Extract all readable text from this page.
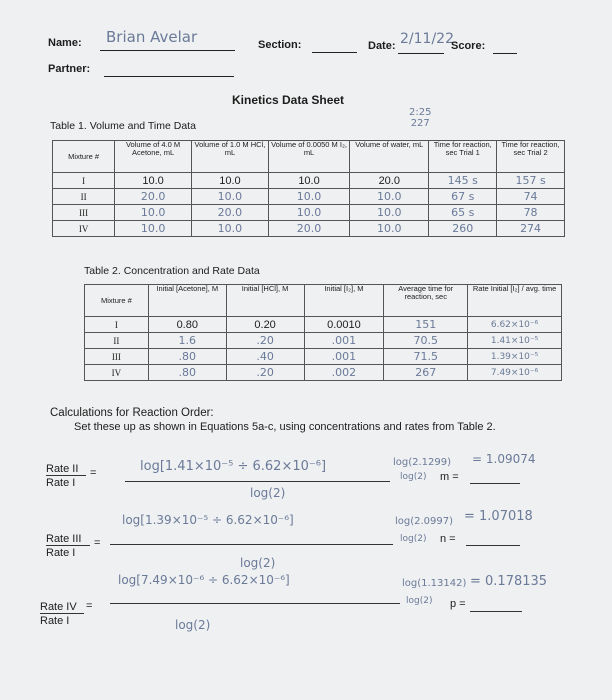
Name: Brian Avelar	Section:	Date: 2/11/22
Score:
Partner:
Kinetics Data Sheet
2:25
227
Table 1. Volume and Time Data
Mixture #	Volume of 4.0 M Acetone, mL	Volume of 1.0 M HCl, mL	Volume of 0.0050 M I₂, mL	Volume of water, mL	Time for reaction, sec Trial 1	Time for reaction, sec Trial 2
I	10.0	10.0	10.0	20.0	145 s	157 s
II	20.0	10.0	10.0	10.0	67 s	74
III	10.0	20.0	10.0	10.0	65 s	78
IV	10.0	10.0	20.0	10.0	260	274
Table 2. Concentration and Rate Data
Mixture #	Initial [Acetone], M	Initial [HCl], M	Initial [I₂], M	Average time for reaction, sec	Rate Initial [I₂] / avg. time
I	0.80	0.20	0.0010	151	6.62×10⁻⁶
II	1.6	.20	.001	70.5	1.41×10⁻⁵
III	.80	.40	.001	71.5	1.39×10⁻⁵
IV	.80	.20	.002	267	7.49×10⁻⁶
Calculations for Reaction Order:
Set these up as shown in Equations 5a-c, using concentrations and rates from Table 2.
Rate II
Rate I
=	log[1.41×10⁻⁵ ÷ 6.62×10⁻⁶]
log(2)
log(2.1299)
log(2) m =
= 1.09074
Rate III
Rate I
=
log[1.39×10⁻⁵ ÷ 6.62×10⁻⁶]
log(2)
log(2.0997)
log(2) n =
= 1.07018
Rate IV
Rate I
=
log[7.49×10⁻⁶ ÷ 6.62×10⁻⁶]
log(2)
log(1.13142)
log(2) p =
= 0.178135
